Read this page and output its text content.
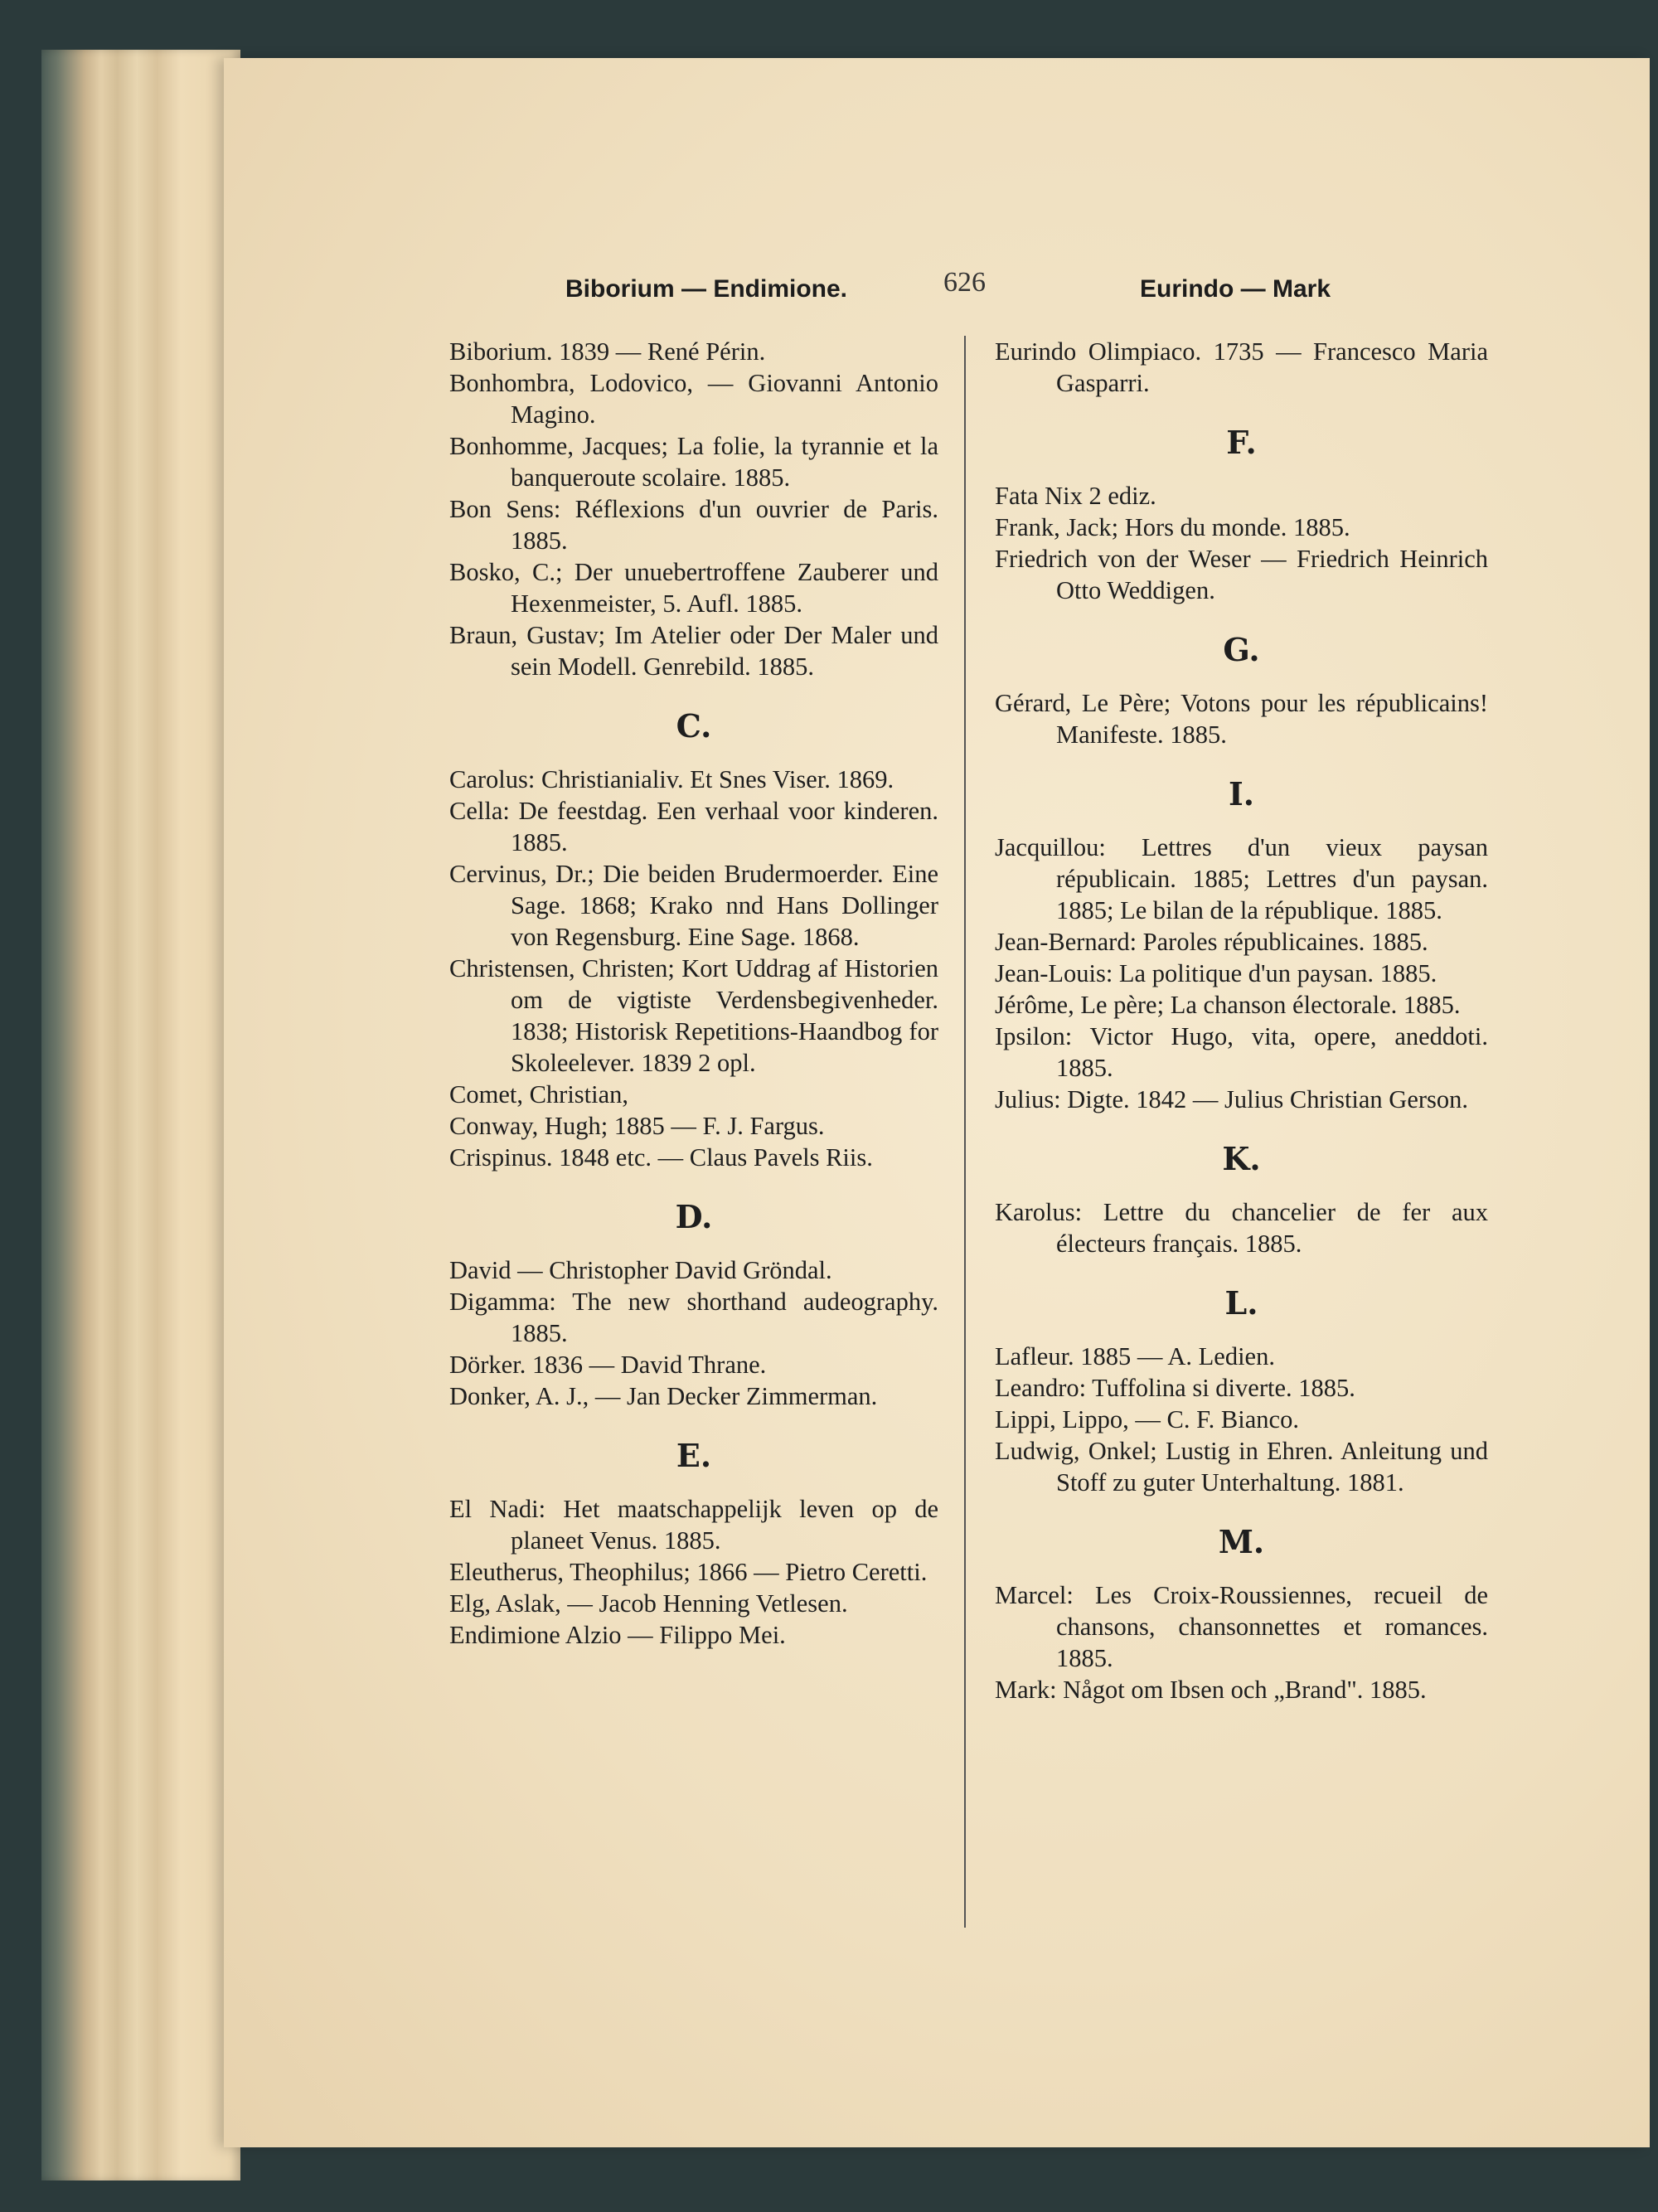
Biborium — Endimione.	626	Eurindo — Mark
Biborium. 1839 — René Périn.
Bonhombra, Lodovico, — Giovanni Antonio Magino.
Bonhomme, Jacques; La folie, la tyrannie et la banqueroute scolaire. 1885.
Bon Sens: Réflexions d'un ouvrier de Paris. 1885.
Bosko, C.; Der unuebertroffene Zauberer und Hexenmeister, 5. Aufl. 1885.
Braun, Gustav; Im Atelier oder Der Maler und sein Modell. Genrebild. 1885.
C.
Carolus: Christianialiv. Et Snes Viser. 1869.
Cella: De feestdag. Een verhaal voor kinderen. 1885.
Cervinus, Dr.; Die beiden Brudermoerder. Eine Sage. 1868; Krako nnd Hans Dollinger von Regensburg. Eine Sage. 1868.
Christensen, Christen; Kort Uddrag af Historien om de vigtiste Verdensbegivenheder. 1838; Historisk Repetitions-Haandbog for Skoleelever. 1839 2 opl.
Comet, Christian,
Conway, Hugh; 1885 — F. J. Fargus.
Crispinus. 1848 etc. — Claus Pavels Riis.
D.
David — Christopher David Gröndal.
Digamma: The new shorthand audeography. 1885.
Dörker. 1836 — David Thrane.
Donker, A. J., — Jan Decker Zimmerman.
E.
El Nadi: Het maatschappelijk leven op de planeet Venus. 1885.
Eleutherus, Theophilus; 1866 — Pietro Ceretti.
Elg, Aslak, — Jacob Henning Vetlesen.
Endimione Alzio — Filippo Mei.
Eurindo Olimpiaco. 1735 — Francesco Maria Gasparri.
F.
Fata Nix 2 ediz.
Frank, Jack; Hors du monde. 1885.
Friedrich von der Weser — Friedrich Heinrich Otto Weddigen.
G.
Gérard, Le Père; Votons pour les républicains! Manifeste. 1885.
I.
Jacquillou: Lettres d'un vieux paysan républicain. 1885; Lettres d'un paysan. 1885; Le bilan de la république. 1885.
Jean-Bernard: Paroles républicaines. 1885.
Jean-Louis: La politique d'un paysan. 1885.
Jérôme, Le père; La chanson électorale. 1885.
Ipsilon: Victor Hugo, vita, opere, aneddoti. 1885.
Julius: Digte. 1842 — Julius Christian Gerson.
K.
Karolus: Lettre du chancelier de fer aux électeurs français. 1885.
L.
Lafleur. 1885 — A. Ledien.
Leandro: Tuffolina si diverte. 1885.
Lippi, Lippo, — C. F. Bianco.
Ludwig, Onkel; Lustig in Ehren. Anleitung und Stoff zu guter Unterhaltung. 1881.
M.
Marcel: Les Croix-Roussiennes, recueil de chansons, chansonnettes et romances. 1885.
Mark: Något om Ibsen och „Brand". 1885.
